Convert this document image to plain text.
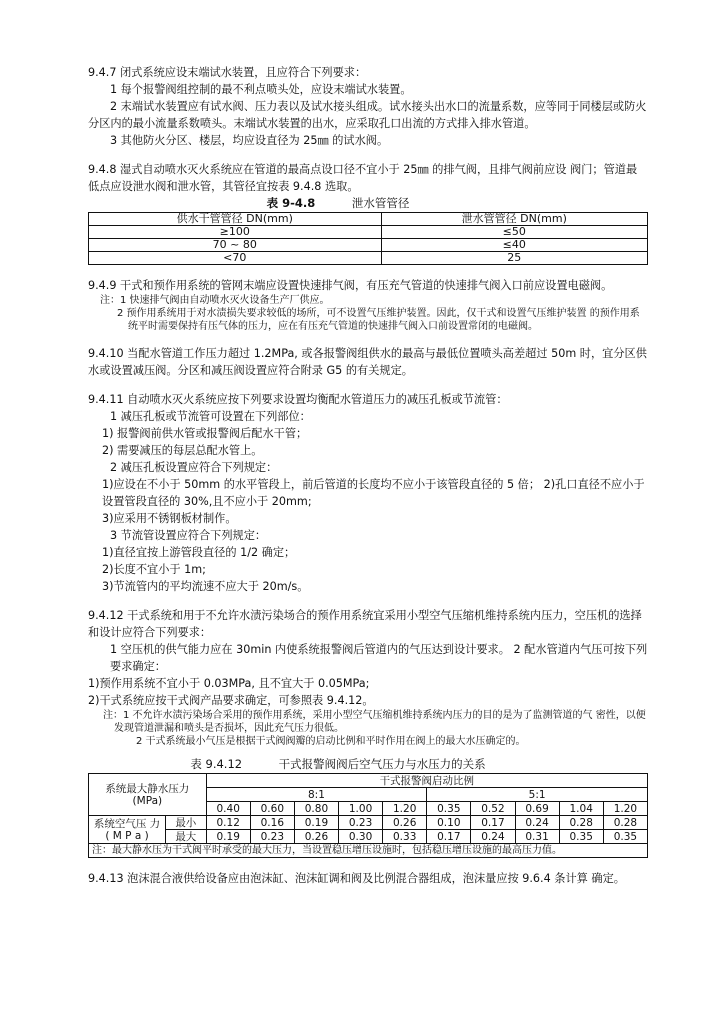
9.4.7 闭式系统应设末端试水装置，且应符合下列要求：

1 每个报警阀组控制的最不利点喷头处，应设末端试水装置。

2 末端试水装置应有试水阀、压力表以及试水接头组成。试水接头出水口的流量系数，应等同于同楼层或防火分区内的最小流量系数喷头。末端试水装置的出水，应采取孔口出流的方式排入排水管道。

3 其他防火分区、楼层，均应设直径为 25㎜ 的试水阀。

9.4.8 湿式自动喷水灭火系统应在管道的最高点设口径不宜小于 25㎜ 的排气阀，且排气阀前应设 阀门；管道最低点应设泄水阀和泄水管，其管径宜按表 9.4.8 选取。

表 9-4.8	泄水管管径

供水干管管径 DN(mm)	泄水管管径 DN(mm)
≥100	≤50
70 ~ 80	≤40
<70	25

9.4.9 干式和预作用系统的管网末端应设置快速排气阀，有压充气管道的快速排气阀入口前应设置电磁阀。

注：1 快速排气阀由自动喷水灭火设备生产厂供应。

2 预作用系统用于对水渍损失要求较低的场所，可不设置气压维护装置。因此，仅干式和设置气压维护装置 的预作用系统平时需要保持有压气体的压力，应在有压充气管道的快速排气阀入口前设置常闭的电磁阀。

9.4.10 当配水管道工作压力超过 1.2MPa, 或各报警阀组供水的最高与最低位置喷头高差超过 50m 时，宜分区供水或设置减压阀。分区和减压阀设置应符合附录 G5 的有关规定。

9.4.11 自动喷水灭火系统应按下列要求设置均衡配水管道压力的减压孔板或节流管：

1 减压孔板或节流管可设置在下列部位：

1) 报警阀前供水管或报警阀后配水干管；

2) 需要减压的每层总配水管上。

2 减压孔板设置应符合下列规定：

1)应设在不小于 50mm 的水平管段上，前后管道的长度均不应小于该管段直径的 5 倍； 2)孔口直径不应小于设置管段直径的 30%,且不应小于 20mm;

3)应采用不锈钢板材制作。

3 节流管设置应符合下列规定：

1)直径宜按上游管段直径的 1/2 确定；

2)长度不宜小于 1m;

3)节流管内的平均流速不应大于 20m/s。

9.4.12 干式系统和用于不允许水渍污染场合的预作用系统宜采用小型空气压缩机维持系统内压力，空压机的选择和设计应符合下列要求：

1 空压机的供气能力应在 30min 内使系统报警阀后管道内的气压达到设计要求。 2 配水管道内气压可按下列要求确定：

1)预作用系统不宜小于 0.03MPa, 且不宜大于 0.05MPa;

2)干式系统应按干式阀产品要求确定，可参照表 9.4.12。

注：1 不允许水渍污染场合采用的预作用系统，采用小型空气压缩机维持系统内压力的目的是为了监测管道的气 密性，以便发现管道泄漏和喷头是否损坏，因此充气压力很低。

2 干式系统最小气压是根据干式阀阀瓣的启动比例和平时作用在阀上的最大水压确定的。

表 9.4.12	干式报警阀阀后空气压力与水压力的关系

系统最大静水压力 (MPa)		干式报警阀启动比例									
		8:1					5:1				
		0.40	0.60	0.80	1.00	1.20	0.35	0.52	0.69	1.04	1.20
系统空气压 力 ( M P a )	最小	0.12	0.16	0.19	0.23	0.26	0.10	0.17	0.24	0.28	0.28
	最大	0.19	0.23	0.26	0.30	0.33	0.17	0.24	0.31	0.35	0.35
注：最大静水压为干式阀平时承受的最大压力，当设置稳压增压设施时，包括稳压增压设施的最高压力值。											

9.4.13 泡沫混合液供给设备应由泡沫缸、泡沫缸调和阀及比例混合器组成，泡沫量应按 9.6.4 条计算 确定。
